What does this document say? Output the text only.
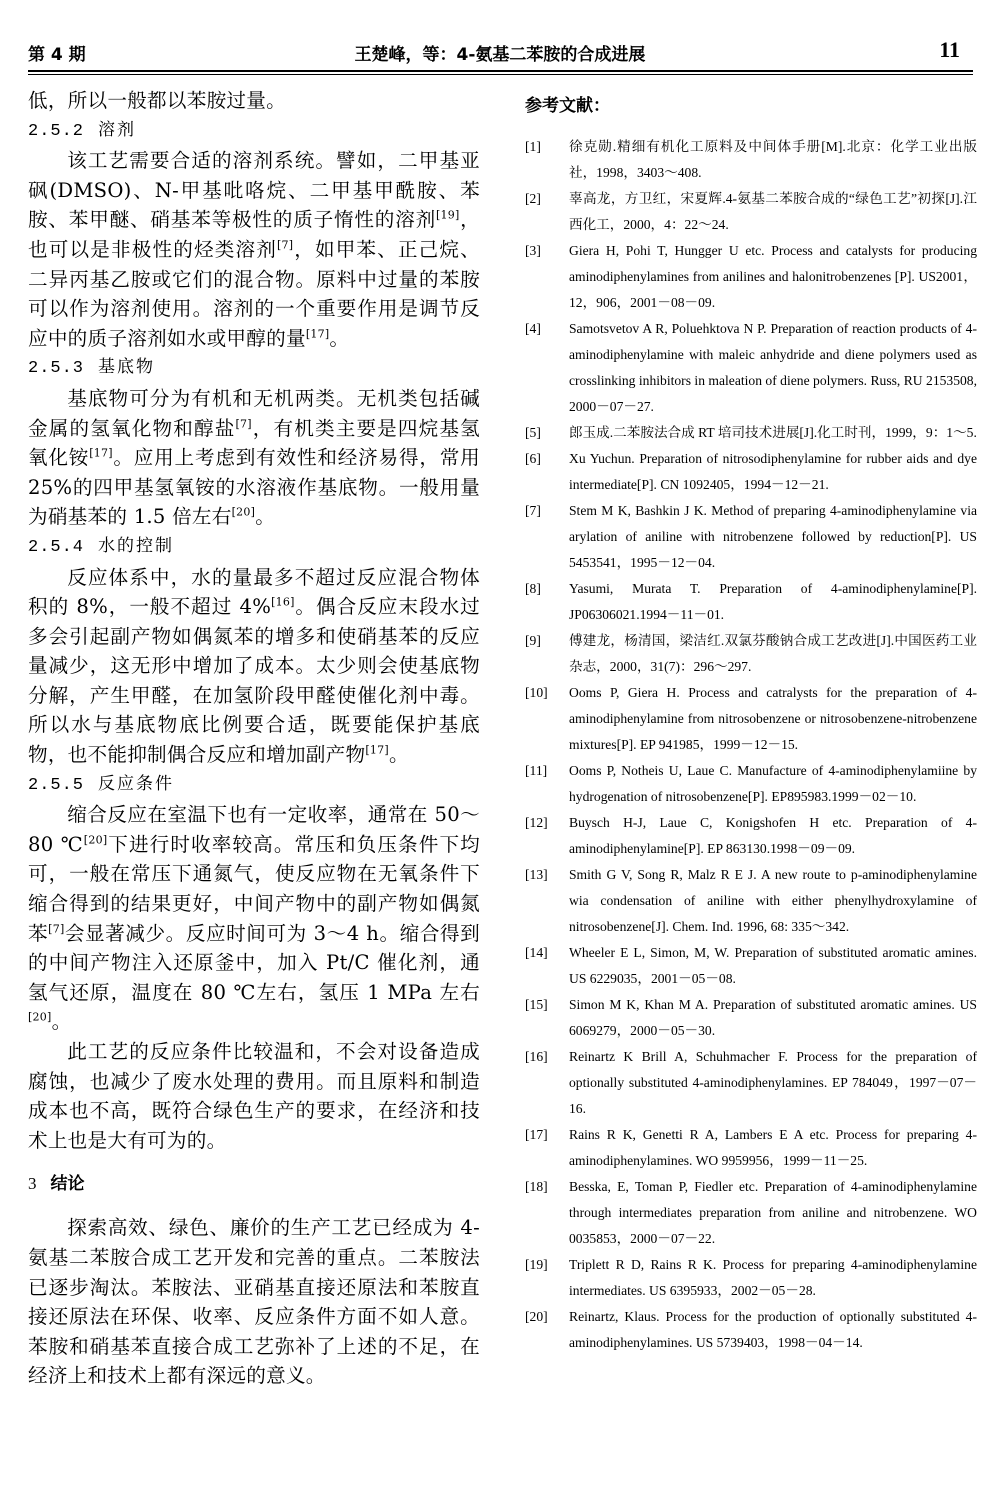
第 4 期	王楚峰，等：4-氨基二苯胺的合成进展	11

低，所以一般都以苯胺过量。

2.5.2 溶剂

该工艺需要合适的溶剂系统。譬如，二甲基亚砜(DMSO)、N-甲基吡咯烷、二甲基甲酰胺、苯胺、苯甲醚、硝基苯等极性的质子惰性的溶剂[19]，也可以是非极性的烃类溶剂[7]，如甲苯、正己烷、二异丙基乙胺或它们的混合物。原料中过量的苯胺可以作为溶剂使用。溶剂的一个重要作用是调节反应中的质子溶剂如水或甲醇的量[17]。

2.5.3 基底物

基底物可分为有机和无机两类。无机类包括碱金属的氢氧化物和醇盐[7]，有机类主要是四烷基氢氧化铵[17]。应用上考虑到有效性和经济易得，常用25%的四甲基氢氧铵的水溶液作基底物。一般用量为硝基苯的 1.5 倍左右[20]。

2.5.4 水的控制

反应体系中，水的量最多不超过反应混合物体积的 8%，一般不超过 4%[16]。偶合反应末段水过多会引起副产物如偶氮苯的增多和使硝基苯的反应量减少，这无形中增加了成本。太少则会使基底物分解，产生甲醛，在加氢阶段甲醛使催化剂中毒。所以水与基底物底比例要合适，既要能保护基底物，也不能抑制偶合反应和增加副产物[17]。

2.5.5 反应条件

缩合反应在室温下也有一定收率，通常在 50～80 ℃[20]下进行时收率较高。常压和负压条件下均可，一般在常压下通氮气，使反应物在无氧条件下缩合得到的结果更好，中间产物中的副产物如偶氮苯[7]会显著减少。反应时间可为 3～4 h。缩合得到的中间产物注入还原釜中，加入 Pt/C 催化剂，通氢气还原，温度在 80 ℃左右，氢压 1 MPa 左右[20]。

此工艺的反应条件比较温和，不会对设备造成腐蚀，也减少了废水处理的费用。而且原料和制造成本也不高，既符合绿色生产的要求，在经济和技术上也是大有可为的。

3 结论

探索高效、绿色、廉价的生产工艺已经成为 4-氨基二苯胺合成工艺开发和完善的重点。二苯胺法已逐步淘汰。苯胺法、亚硝基直接还原法和苯胺直接还原法在环保、收率、反应条件方面不如人意。苯胺和硝基苯直接合成工艺弥补了上述的不足，在经济上和技术上都有深远的意义。

参考文献：
[1]	徐克勋.精细有机化工原料及中间体手册[M].北京：化学工业出版社，1998，3403～408.
[2]	辜高龙，方卫红，宋夏辉.4-氨基二苯胺合成的“绿色工艺”初探[J].江西化工，2000，4：22～24.
[3]	Giera H, Pohi T, Hungger U etc. Process and catalysts for producing aminodiphenylamines from anilines and halonitrobenzenes [P]. US2001，12，906，2001－08－09.
[4]	Samotsvetov A R, Poluehktova N P. Preparation of reaction products of 4-aminodiphenylamine with maleic anhydride and diene polymers used as crosslinking inhibitors in maleation of diene polymers. Russ, RU 2153508, 2000－07－27.
[5]	郎玉成.二苯胺法合成 RT 培司技术进展[J].化工时刊，1999，9：1～5.
[6]	Xu Yuchun. Preparation of nitrosodiphenylamine for rubber aids and dye intermediate[P]. CN 1092405，1994－12－21.
[7]	Stem M K, Bashkin J K. Method of preparing 4-aminodiphenylamine via arylation of aniline with nitrobenzene followed by reduction[P]. US 5453541，1995－12－04.
[8]	Yasumi, Murata T. Preparation of 4-aminodiphenylamine[P]. JP06306021.1994－11－01.
[9]	傅建龙，杨清国，梁洁红.双氯芬酸钠合成工艺改进[J].中国医药工业杂志，2000，31(7)：296～297.
[10]	Ooms P, Giera H. Process and catralysts for the preparation of 4-aminodiphenylamine from nitrosobenzene or nitrosobenzene-nitrobenzene mixtures[P]. EP 941985，1999－12－15.
[11]	Ooms P, Notheis U, Laue C. Manufacture of 4-aminodiphenylamiine by hydrogenation of nitrosobenzene[P]. EP895983.1999－02－10.
[12]	Buysch H-J, Laue C, Konigshofen H etc. Preparation of 4-aminodiphenylamine[P]. EP 863130.1998－09－09.
[13]	Smith G V, Song R, Malz R E J. A new route to p-aminodiphenylamine wia condensation of aniline with either phenylhydroxylamine of nitrosobenzene[J]. Chem. Ind. 1996, 68: 335～342.
[14]	Wheeler E L, Simon, M, W. Preparation of substituted aromatic amines. US 6229035，2001－05－08.
[15]	Simon M K, Khan M A. Preparation of substituted aromatic amines. US 6069279，2000－05－30.
[16]	Reinartz K Brill A, Schuhmacher F. Process for the preparation of optionally substituted 4-aminodiphenylamines. EP 784049，1997－07－16.
[17]	Rains R K, Genetti R A, Lambers E A etc. Process for preparing 4-aminodiphenylamines. WO 9959956，1999－11－25.
[18]	Besska, E, Toman P, Fiedler etc. Preparation of 4-aminodiphenylamine through intermediates preparation from aniline and nitrobenzene. WO 0035853，2000－07－22.
[19]	Triplett R D, Rains R K. Process for preparing 4-aminodiphenylamine intermediates. US 6395933，2002－05－28.
[20]	Reinartz, Klaus. Process for the production of optionally substituted 4-aminodiphenylamines. US 5739403，1998－04－14.
